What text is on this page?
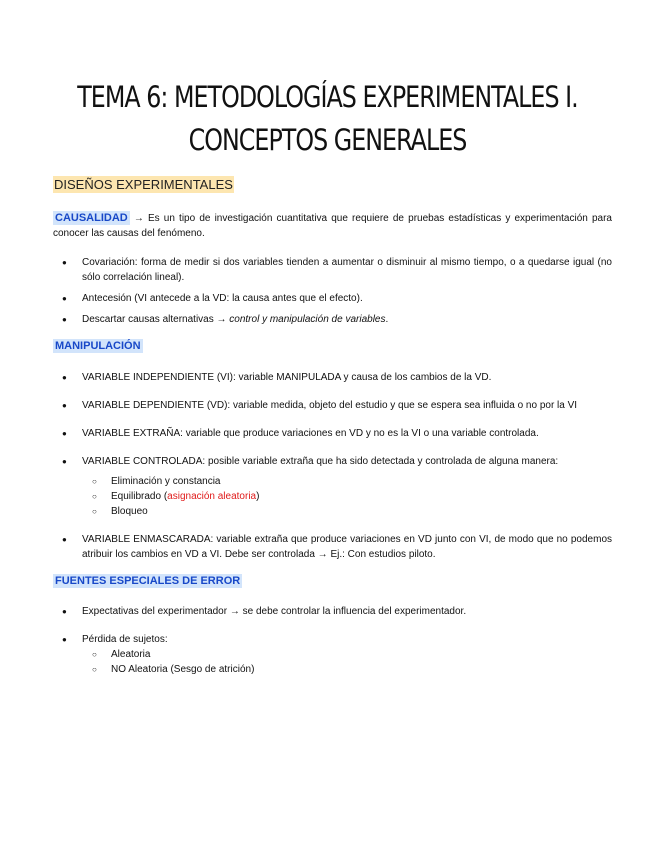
TEMA 6: METODOLOGÍAS EXPERIMENTALES I.
CONCEPTOS GENERALES
DISEÑOS EXPERIMENTALES
CAUSALIDAD → Es un tipo de investigación cuantitativa que requiere de pruebas estadísticas y experimentación para conocer las causas del fenómeno.
● Covariación: forma de medir si dos variables tienden a aumentar o disminuir al mismo tiempo, o a quedarse igual (no sólo correlación lineal).
● Antecesión (VI antecede a la VD: la causa antes que el efecto).
● Descartar causas alternativas → control y manipulación de variables.
MANIPULACIÓN
● VARIABLE INDEPENDIENTE (VI): variable MANIPULADA y causa de los cambios de la VD.
● VARIABLE DEPENDIENTE (VD): variable medida, objeto del estudio y que se espera sea influida o no por la VI
● VARIABLE EXTRAÑA: variable que produce variaciones en VD y no es la VI o una variable controlada.
● VARIABLE CONTROLADA: posible variable extraña que ha sido detectada y controlada de alguna manera:
○ Eliminación y constancia
○ Equilibrado (asignación aleatoria)
○ Bloqueo
● VARIABLE ENMASCARADA: variable extraña que produce variaciones en VD junto con VI, de modo que no podemos atribuir los cambios en VD a VI. Debe ser controlada → Ej.: Con estudios piloto.
FUENTES ESPECIALES DE ERROR
● Expectativas del experimentador → se debe controlar la influencia del experimentador.
● Pérdida de sujetos:
○ Aleatoria
○ NO Aleatoria (Sesgo de atrición)
